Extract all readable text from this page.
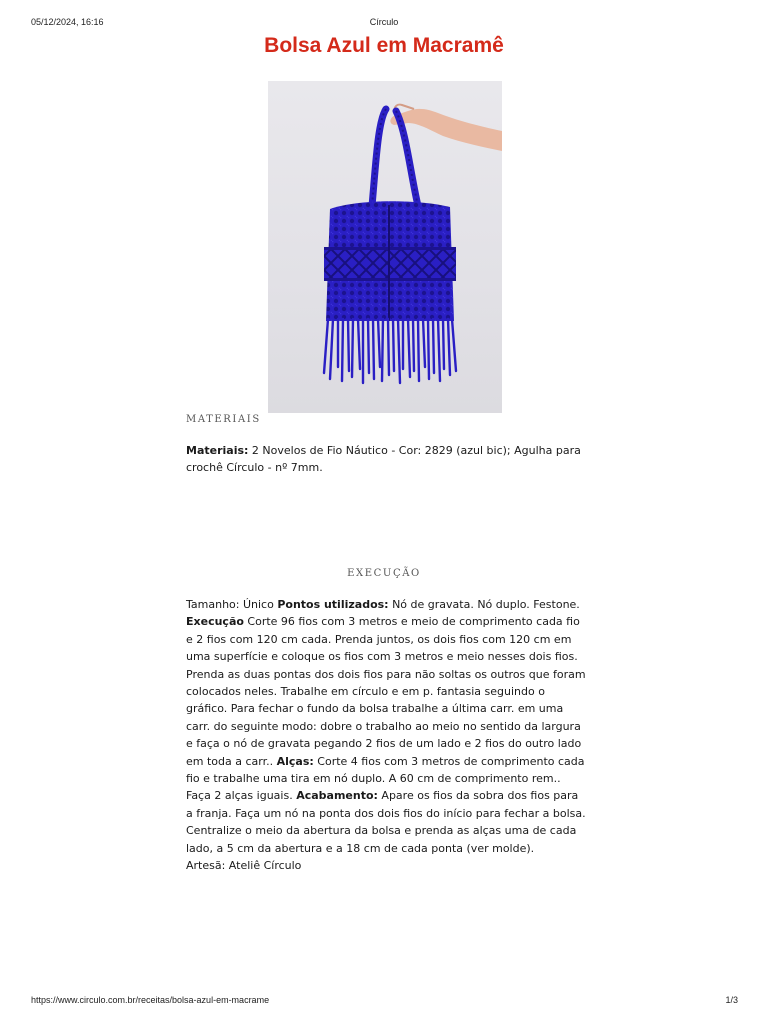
05/12/2024, 16:16	Círculo
Bolsa Azul em Macramê
MATERIAIS

Materiais: 2 Novelos de Fio Náutico - Cor: 2829 (azul bic); Agulha para crochê Círculo - nº 7mm.

EXECUÇÃO

Tamanho: Único Pontos utilizados: Nó de gravata. Nó duplo. Festone. Execução Corte 96 fios com 3 metros e meio de comprimento cada fio e 2 fios com 120 cm cada. Prenda juntos, os dois fios com 120 cm em uma superfície e coloque os fios com 3 metros e meio nesses dois fios. Prenda as duas pontas dos dois fios para não soltas os outros que foram colocados neles. Trabalhe em círculo e em p. fantasia seguindo o gráfico. Para fechar o fundo da bolsa trabalhe a última carr. em uma carr. do seguinte modo: dobre o trabalho ao meio no sentido da largura e faça o nó de gravata pegando 2 fios de um lado e 2 fios do outro lado em toda a carr.. Alças: Corte 4 fios com 3 metros de comprimento cada fio e trabalhe uma tira em nó duplo. A 60 cm de comprimento rem.. Faça 2 alças iguais. Acabamento: Apare os fios da sobra dos fios para a franja. Faça um nó na ponta dos dois fios do início para fechar a bolsa. Centralize o meio da abertura da bolsa e prenda as alças uma de cada lado, a 5 cm da abertura e a 18 cm de cada ponta (ver molde).
Artesã: Ateliê Círculo

https://www.circulo.com.br/receitas/bolsa-azul-em-macrame	1/3
